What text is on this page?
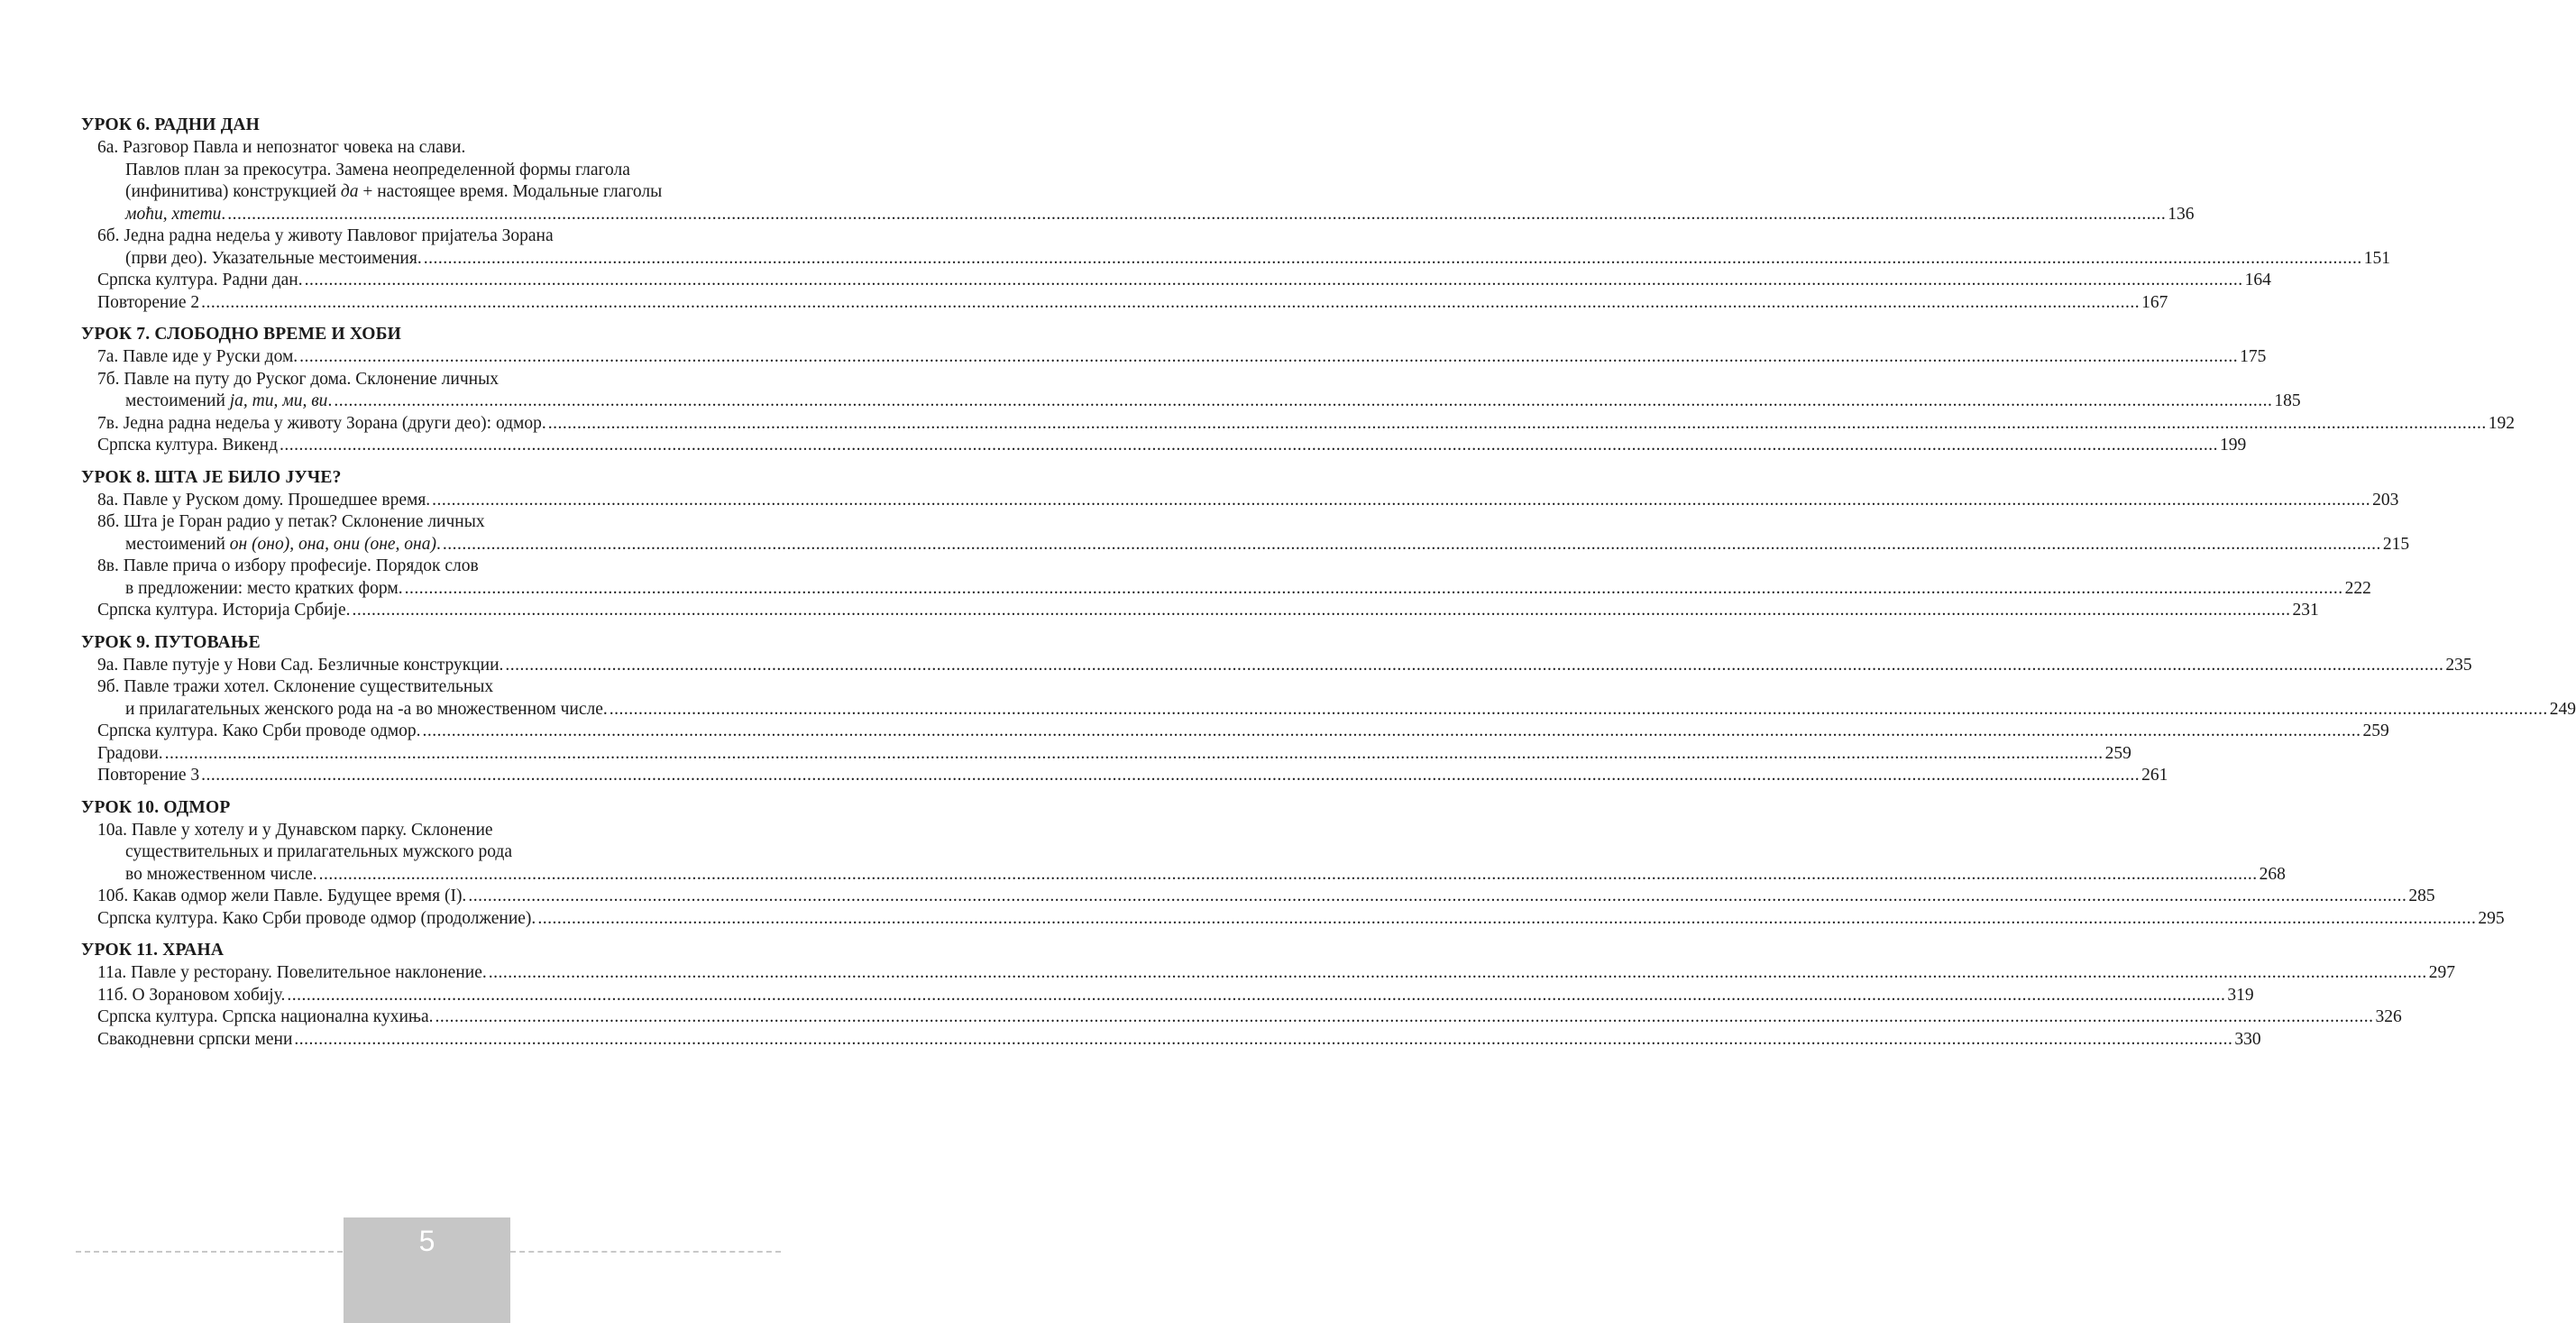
УРОК 6. РАДНИ ДАН
6а. Разговор Павла и непознатог човека на слави.
Павлов план за прекосутра. Замена неопределенной формы глагола
(инфинитива) конструкцией да + настоящее время. Модальные глаголы
моћи, хтети. ................................................................................................................................................................................................................................................................................................................................................................................................................ 136
6б. Једна радна недеља у животу Павловог пријатеља Зорана
(први део). Указательные местоимения. ................................................................................................................................................................................................................................................................................................................................................................................................................ 151
Српска култура. Радни дан. ................................................................................................................................................................................................................................................................................................................................................................................................................ 164
Повторение 2 ................................................................................................................................................................................................................................................................................................................................................................................................................ 167
УРОК 7. СЛОБОДНО ВРЕМЕ И ХОБИ
7а. Павле иде у Руски дом. ................................................................................................................................................................................................................................................................................................................................................................................................................ 175
7б. Павле на путу до Руског дома. Склонение личных
местоимений ја, ти, ми, ви. ................................................................................................................................................................................................................................................................................................................................................................................................................ 185
7в. Једна радна недеља у животу Зорана (други део): одмор. ................................................................................................................................................................................................................................................................................................................................................................................................................ 192
Српска култура. Викенд ................................................................................................................................................................................................................................................................................................................................................................................................................ 199
УРОК 8. ШТА ЈЕ БИЛО ЈУЧЕ?
8а. Павле у Руском дому. Прошедшее время. ................................................................................................................................................................................................................................................................................................................................................................................................................ 203
8б. Шта је Горан радио у петак? Склонение личных
местоимений он (оно), она, они (оне, она). ................................................................................................................................................................................................................................................................................................................................................................................................................ 215
8в. Павле прича о избору професије. Порядок слов
в предложении: место кратких форм. ................................................................................................................................................................................................................................................................................................................................................................................................................ 222
Српска култура. Историја Србије. ................................................................................................................................................................................................................................................................................................................................................................................................................ 231
УРОК 9. ПУТОВАЊЕ
9а. Павле путује у Нови Сад. Безличные конструкции. ................................................................................................................................................................................................................................................................................................................................................................................................................ 235
9б. Павле тражи хотел. Склонение существительных
и прилагательных женского рода на -а во множественном числе. ................................................................................................................................................................................................................................................................................................................................................................................................................ 249
Српска култура. Како Срби проводе одмор. ................................................................................................................................................................................................................................................................................................................................................................................................................ 259
Градови. ................................................................................................................................................................................................................................................................................................................................................................................................................ 259
Повторение 3 ................................................................................................................................................................................................................................................................................................................................................................................................................ 261
УРОК 10. ОДМОР
10а. Павле у хотелу и у Дунавском парку. Склонение
существительных и прилагательных мужского рода
во множественном числе. ................................................................................................................................................................................................................................................................................................................................................................................................................ 268
10б. Какав одмор жели Павле. Будущее время (I). ................................................................................................................................................................................................................................................................................................................................................................................................................ 285
Српска култура. Како Срби проводе одмор (продолжение). ................................................................................................................................................................................................................................................................................................................................................................................................................ 295
УРОК 11. ХРАНА
11а. Павле у ресторану. Повелительное наклонение. ................................................................................................................................................................................................................................................................................................................................................................................................................ 297
11б. О Зорановом хобију. ................................................................................................................................................................................................................................................................................................................................................................................................................ 319
Српска култура. Српска национална кухиња. ................................................................................................................................................................................................................................................................................................................................................................................................................ 326
Свакодневни српски мени ................................................................................................................................................................................................................................................................................................................................................................................................................ 330
5
